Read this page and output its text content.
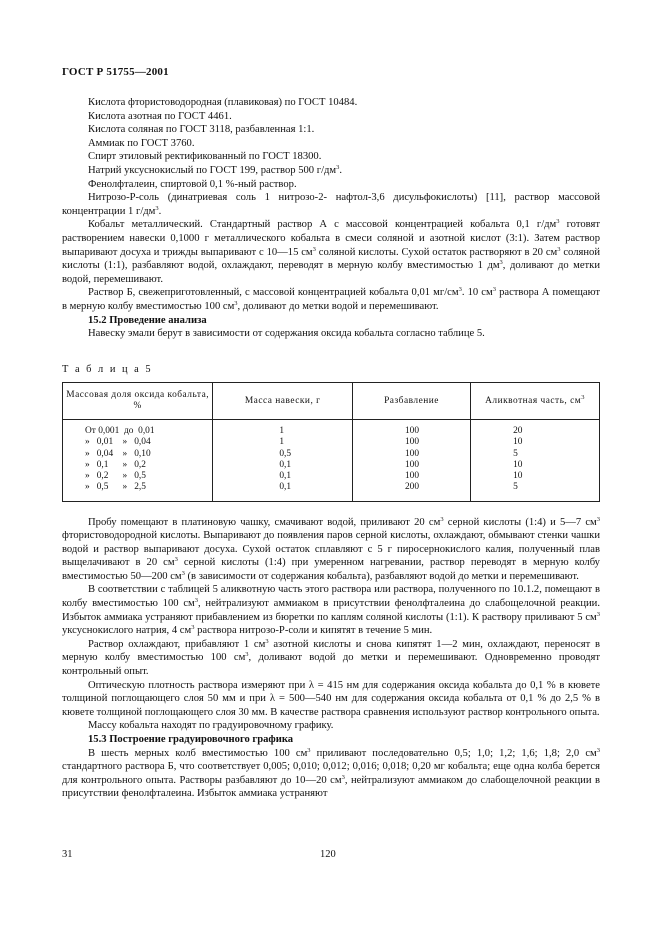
ГОСТ Р 51755—2001

Кислота фтористоводородная (плавиковая) по ГОСТ 10484.

Кислота азотная по ГОСТ 4461.

Кислота соляная по ГОСТ 3118, разбавленная 1:1.

Аммиак по ГОСТ 3760.

Спирт этиловый ректификованный по ГОСТ 18300.

Натрий уксуснокислый по ГОСТ 199, раствор 500 $г/дм^3$.

Фенолфталеин, спиртовой 0,1 %-ный раствор.

Нитрозо-Р-соль (динатриевая соль 1 нитрозо-2- нафтол-3,6 дисульфокислоты) [11], раствор массовой концентрации 1 $г/дм^3$.

Кобальт металлический. Стандартный раствор А с массовой концентрацией кобальта 0,1 $г/дм^3$ готовят растворением навески 0,1000 г металлического кобальта в смеси соляной и азотной кислот (3:1). Затем раствор выпаривают досуха и трижды выпаривают с 10—15 $см^3$ соляной кислоты. Сухой остаток растворяют в 20 $см^3$ соляной кислоты (1:1), разбавляют водой, охлаждают, переводят в мерную колбу вместимостью 1 $дм^3$, доливают до метки водой, перемешивают.

Раствор Б, свежеприготовленный, с массовой концентрацией кобальта 0,01 $мг/см^3$. 10 $см^3$ раствора А помещают в мерную колбу вместимостью 100 $см^3$, доливают до метки водой и перемешивают.

15.2 Проведение анализа

Навеску эмали берут в зависимости от содержания оксида кобальта согласно таблице 5.

Т а б л и ц а 5

Массовая доля оксида кобальта, %	Масса навески, г	Разбавление	Аликвотная часть, $см^3$
От 0,001  до  0,01	1	100	20
»   0,01    »   0,04	1	100	10
»   0,04    »   0,10	0,5	100	5
»   0,1      »   0,2	0,1	100	10
»   0,2      »   0,5	0,1	100	10
»   0,5      »   2,5	0,1	200	5

Пробу помещают в платиновую чашку, смачивают водой, приливают 20 $см^3$ серной кислоты (1:4) и 5—7 $см^3$ фтористоводородной кислоты. Выпаривают до появления паров серной кислоты, охлаждают, обмывают стенки чашки водой и раствор выпаривают досуха. Сухой остаток сплавляют с 5 г пиросернокислого калия, полученный плав выщелачивают в 20 $см^3$ серной кислоты (1:4) при умеренном нагревании, раствор переводят в мерную колбу вместимостью 50—200 $см^3$ (в зависимости от содержания кобальта), разбавляют водой до метки и перемешивают.

В соответствии с таблицей 5 аликвотную часть этого раствора или раствора, полученного по 10.1.2, помещают в колбу вместимостью 100 $см^3$, нейтрализуют аммиаком в присутствии фенолфталеина до слабощелочной реакции. Избыток аммиака устраняют прибавлением из бюретки по каплям соляной кислоты (1:1). К раствору приливают 5 $см^3$ уксуснокислого натрия, 4 $см^3$ раствора нитрозо-Р-соли и кипятят в течение 5 мин.

Раствор охлаждают, прибавляют 1 $см^3$ азотной кислоты и снова кипятят 1—2 мин, охлаждают, переносят в мерную колбу вместимостью 100 $см^3$, доливают водой до метки и перемешивают. Одновременно проводят контрольный опыт.

Оптическую плотность раствора измеряют при λ = 415 нм для содержания оксида кобальта до 0,1 % в кювете толщиной поглощающего слоя 50 мм и при λ = 500—540 нм для содержания оксида кобальта от 0,1 % до 2,5 % в кювете толщиной поглощающего слоя 30 мм. В качестве раствора сравнения используют раствор контрольного опыта.

Массу кобальта находят по градуировочному графику.

15.3 Построение градуировочного графика

В шесть мерных колб вместимостью 100 $см^3$ приливают последовательно 0,5; 1,0; 1,2; 1,6; 1,8; 2,0 $см^3$ стандартного раствора Б, что соответствует 0,005; 0,010; 0,012; 0,016; 0,018; 0,20 мг кобальта; еще одна колба берется для контрольного опыта. Растворы разбавляют до 10—20 $см^3$, нейтрализуют аммиаком до слабощелочной реакции в присутствии фенолфталеина. Избыток аммиака устраняют

31	120
